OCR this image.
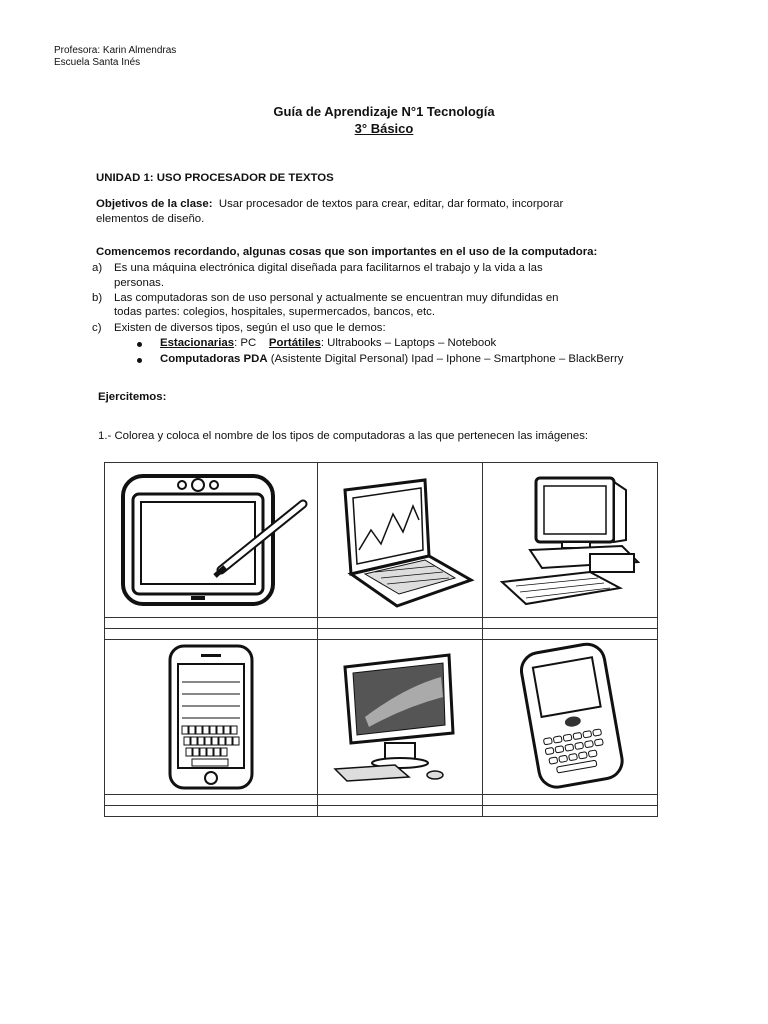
Profesora: Karin Almendras
Escuela Santa Inés
Guía de Aprendizaje N°1 Tecnología
3° Básico
UNIDAD 1: USO PROCESADOR DE TEXTOS
Objetivos de la clase: Usar procesador de textos para crear, editar, dar formato, incorporar
elementos de diseño.
Comencemos recordando, algunas cosas que son importantes en el uso de la computadora:
a) Es una máquina electrónica digital diseñada para facilitarnos el trabajo y la vida a las
personas.
b) Las computadoras son de uso personal y actualmente se encuentran muy difundidas en
todas partes: colegios, hospitales, supermercados, bancos, etc.
c) Existen de diversos tipos, según el uso que le demos:
Estacionarias: PC Portátiles: Ultrabooks – Laptops – Notebook
Computadoras PDA (Asistente Digital Personal) Ipad – Iphone – Smartphone – BlackBerry
Ejercitemos:
1.- Colorea y coloca el nombre de los tipos de computadoras a las que pertenecen las imágenes:
